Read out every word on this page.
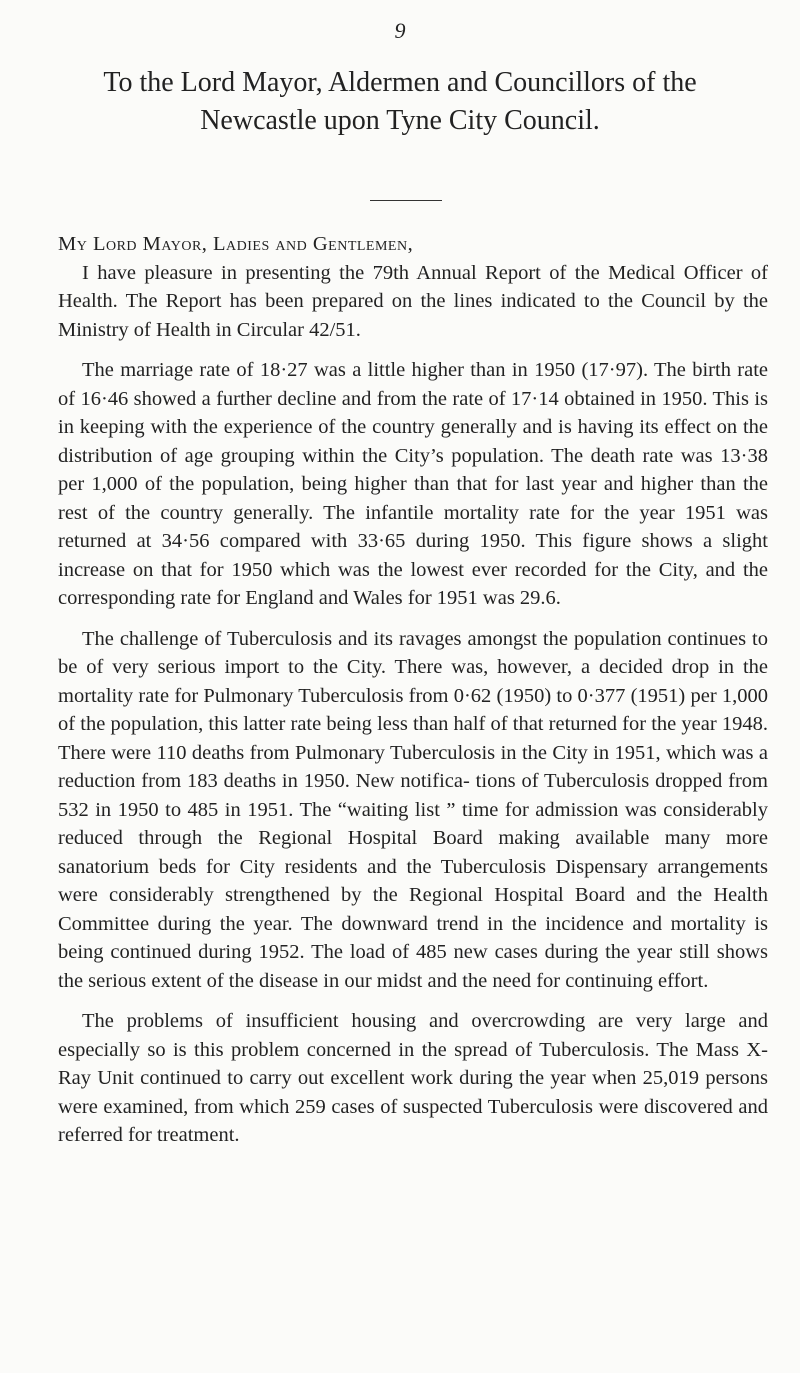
9
To the Lord Mayor, Aldermen and Councillors of the
Newcastle upon Tyne City Council.
My Lord Mayor, Ladies and Gentlemen,

I have pleasure in presenting the 79th Annual Report of the Medical Officer of Health. The Report has been prepared on the lines indicated to the Council by the Ministry of Health in Circular 42/51.

The marriage rate of 18·27 was a little higher than in 1950 (17·97). The birth rate of 16·46 showed a further decline and from the rate of 17·14 obtained in 1950. This is in keeping with the experience of the country generally and is having its effect on the distribution of age grouping within the City’s population. The death rate was 13·38 per 1,000 of the population, being higher than that for last year and higher than the rest of the country generally. The infantile mortality rate for the year 1951 was returned at 34·56 compared with 33·65 during 1950. This figure shows a slight increase on that for 1950 which was the lowest ever recorded for the City, and the corresponding rate for England and Wales for 1951 was 29.6.

The challenge of Tuberculosis and its ravages amongst the population continues to be of very serious import to the City. There was, however, a decided drop in the mortality rate for Pulmonary Tuberculosis from 0·62 (1950) to 0·377 (1951) per 1,000 of the population, this latter rate being less than half of that returned for the year 1948. There were 110 deaths from Pulmonary Tuberculosis in the City in 1951, which was a reduction from 183 deaths in 1950. New notifica- tions of Tuberculosis dropped from 532 in 1950 to 485 in 1951. The “waiting list ” time for admission was considerably reduced through the Regional Hospital Board making available many more sanatorium beds for City residents and the Tuberculosis Dispensary arrangements were considerably strengthened by the Regional Hospital Board and the Health Committee during the year. The downward trend in the incidence and mortality is being continued during 1952. The load of 485 new cases during the year still shows the serious extent of the disease in our midst and the need for continuing effort.

The problems of insufficient housing and overcrowding are very large and especially so is this problem concerned in the spread of Tuberculosis. The Mass X-Ray Unit continued to carry out excellent work during the year when 25,019 persons were examined, from which 259 cases of suspected Tuberculosis were discovered and referred for treatment.
